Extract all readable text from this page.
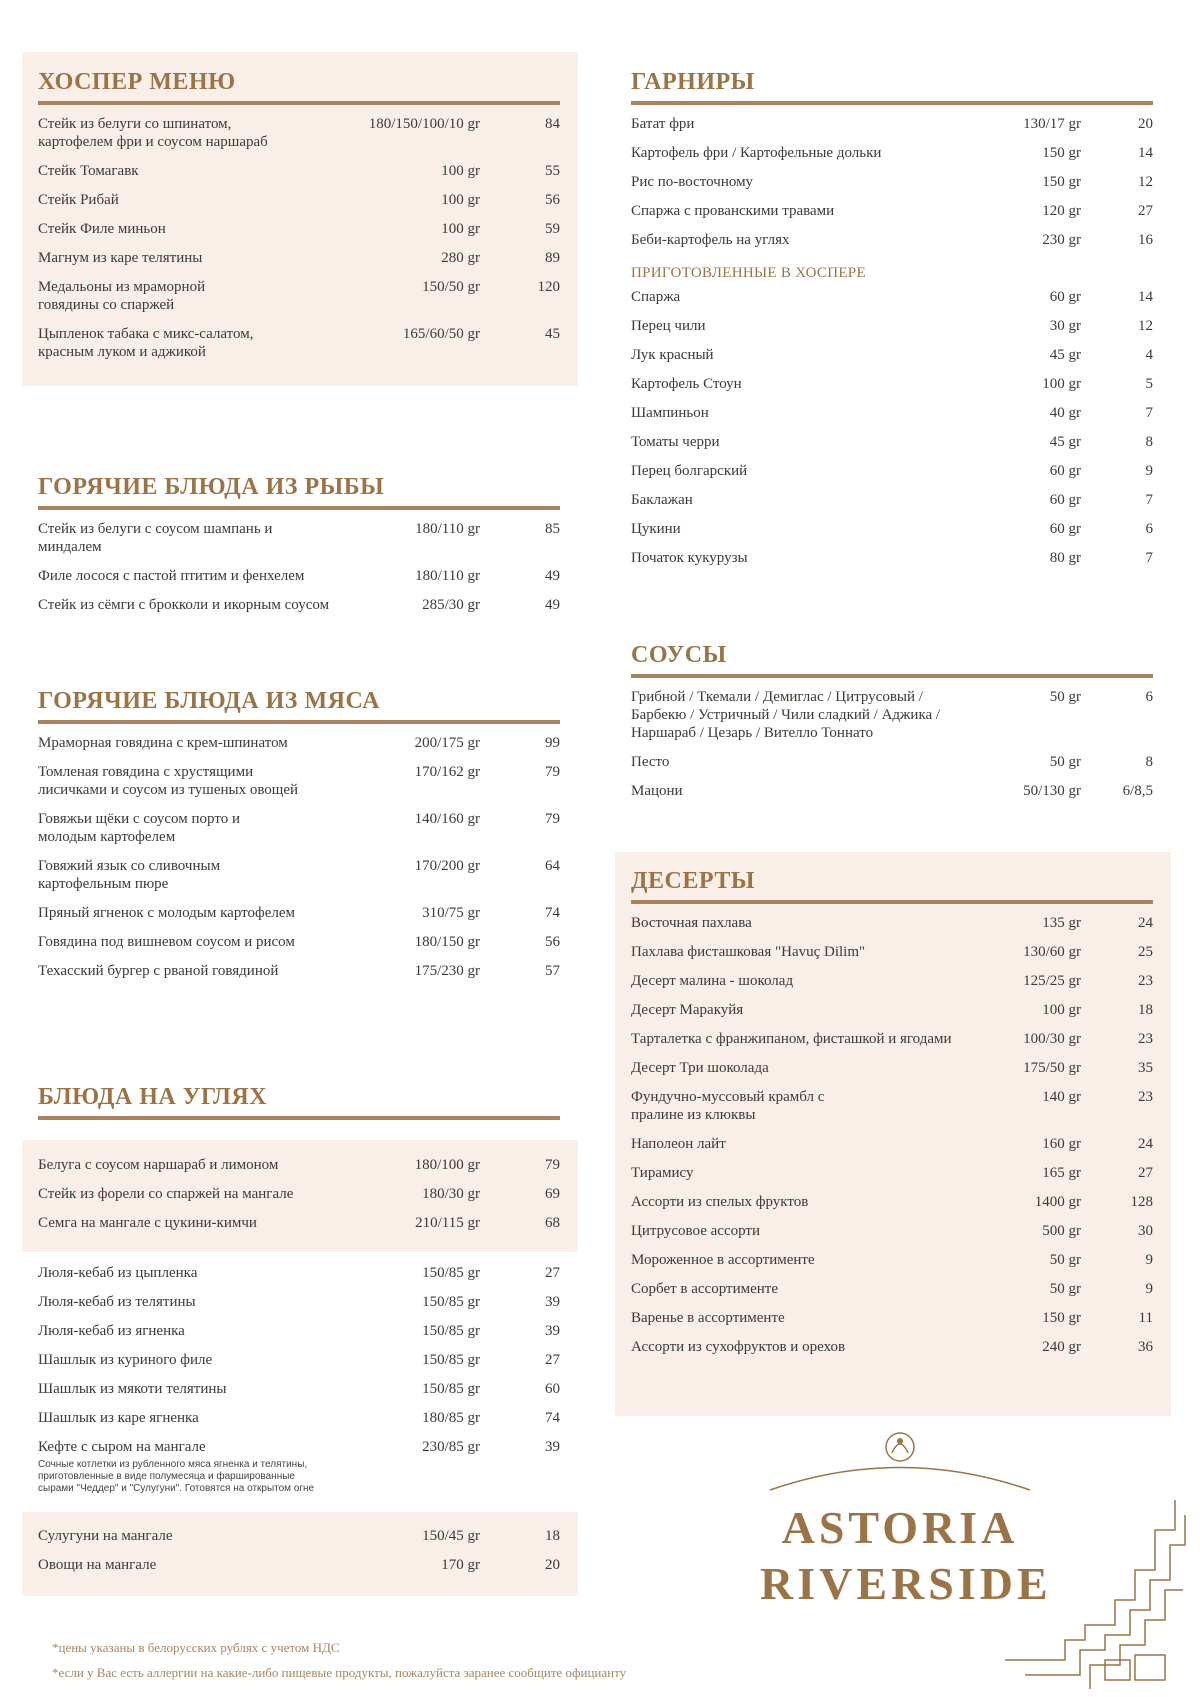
ХОСПЕР МЕНЮ
Стейк из белуги со шпинатом,
картофелем фри и соусом наршараб
180/150/100/10 gr	84
Стейк Томагавк	100 gr	55
Стейк Рибай	100 gr	56
Стейк Филе миньон	100 gr	59
Магнум из каре телятины	280 gr	89
Медальоны из мраморной
говядины со спаржей
150/50 gr	120
Цыпленок табака с микс-салатом,
красным луком и аджикой
165/60/50 gr	45
ГОРЯЧИЕ БЛЮДА ИЗ РЫБЫ
Стейк из белуги с соусом шампань и миндалем
180/110 gr	85
Филе лосося с пастой птитим и фенхелем	180/110 gr	49
Стейк из сёмги с брокколи и икорным соусом	285/30 gr	49
ГОРЯЧИЕ БЛЮДА ИЗ МЯСА
Мраморная говядина с крем-шпинатом	200/175 gr	99
Томленая говядина с хрустящими
лисичками и соусом из тушеных овощей
170/162 gr	79
Говяжьи щёки с соусом порто и
молодым картофелем
140/160 gr	79
Говяжий язык со сливочным
картофельным пюре
170/200 gr	64
Пряный ягненок с молодым картофелем	310/75 gr	74
Говядина под вишневом соусом и рисом	180/150 gr	56
Техасский бургер с рваной говядиной	175/230 gr	57
БЛЮДА НА УГЛЯХ
Белуга с соусом наршараб и лимоном	180/100 gr	79
Стейк из форели со спаржей на мангале	180/30 gr	69
Семга на мангале с цукини-кимчи	210/115 gr	68
Люля-кебаб из цыпленка	150/85 gr	27
Люля-кебаб из телятины	150/85 gr	39
Люля-кебаб из ягненка	150/85 gr	39
Шашлык из куриного филе	150/85 gr	27
Шашлык из мякоти телятины	150/85 gr	60
Шашлык из каре ягненка	180/85 gr	74
Кефте с сыром на мангале	230/85 gr	39
Сочные котлетки из рубленного мяса ягненка и телятины,
приготовленные в виде полумесяца и фаршированные
сырами "Чеддер" и "Сулугуни". Готовятся на открытом огне
Сулугуни на мангале	150/45 gr	18
Овощи на мангале	170 gr	20
ГАРНИРЫ
Батат фри	130/17 gr	20
Картофель фри / Картофельные дольки	150 gr	14
Рис по-восточному	150 gr	12
Спаржа с прованскими травами	120 gr	27
Беби-картофель на углях	230 gr	16
ПРИГОТОВЛЕННЫЕ В ХОСПЕРЕ
Спаржа	60 gr	14
Перец чили	30 gr	12
Лук красный	45 gr	4
Картофель Стоун	100 gr	5
Шампиньон	40 gr	7
Томаты черри	45 gr	8
Перец болгарский	60 gr	9
Баклажан	60 gr	7
Цукини	60 gr	6
Початок кукурузы	80 gr	7
СОУСЫ
Грибной / Ткемали / Демиглас / Цитрусовый /
Барбекю / Устричный / Чили сладкий / Аджика /
Наршараб / Цезарь / Вителло Тоннато
50 gr	6
Песто	50 gr	8
Мацони	50/130 gr	6/8,5
ДЕСЕРТЫ
Восточная пахлава	135 gr	24
Пахлава фисташковая "Havuç Dilim"	130/60 gr	25
Десерт малина - шоколад	125/25 gr	23
Десерт Маракуйя	100 gr	18
Тарталетка с франжипаном, фисташкой и ягодами	100/30 gr	23
Десерт Три шоколада	175/50 gr	35
Фундучно-муссовый крамбл с
пралине из клюквы
140 gr	23
Наполеон лайт	160 gr	24
Тирамису	165 gr	27
Ассорти из спелых фруктов	1400 gr	128
Цитрусовое ассорти	500 gr	30
Мороженное в ассортименте	50 gr	9
Сорбет в ассортименте	50 gr	9
Варенье в ассортименте	150 gr	11
Ассорти из сухофруктов и орехов	240 gr	36
ASTORIA
RIVERSIDE
*цены указаны в белорусских рублях с учетом НДС
*если у Вас есть аллергии на какие-либо пищевые продукты, пожалуйста заранее сообщите официанту
